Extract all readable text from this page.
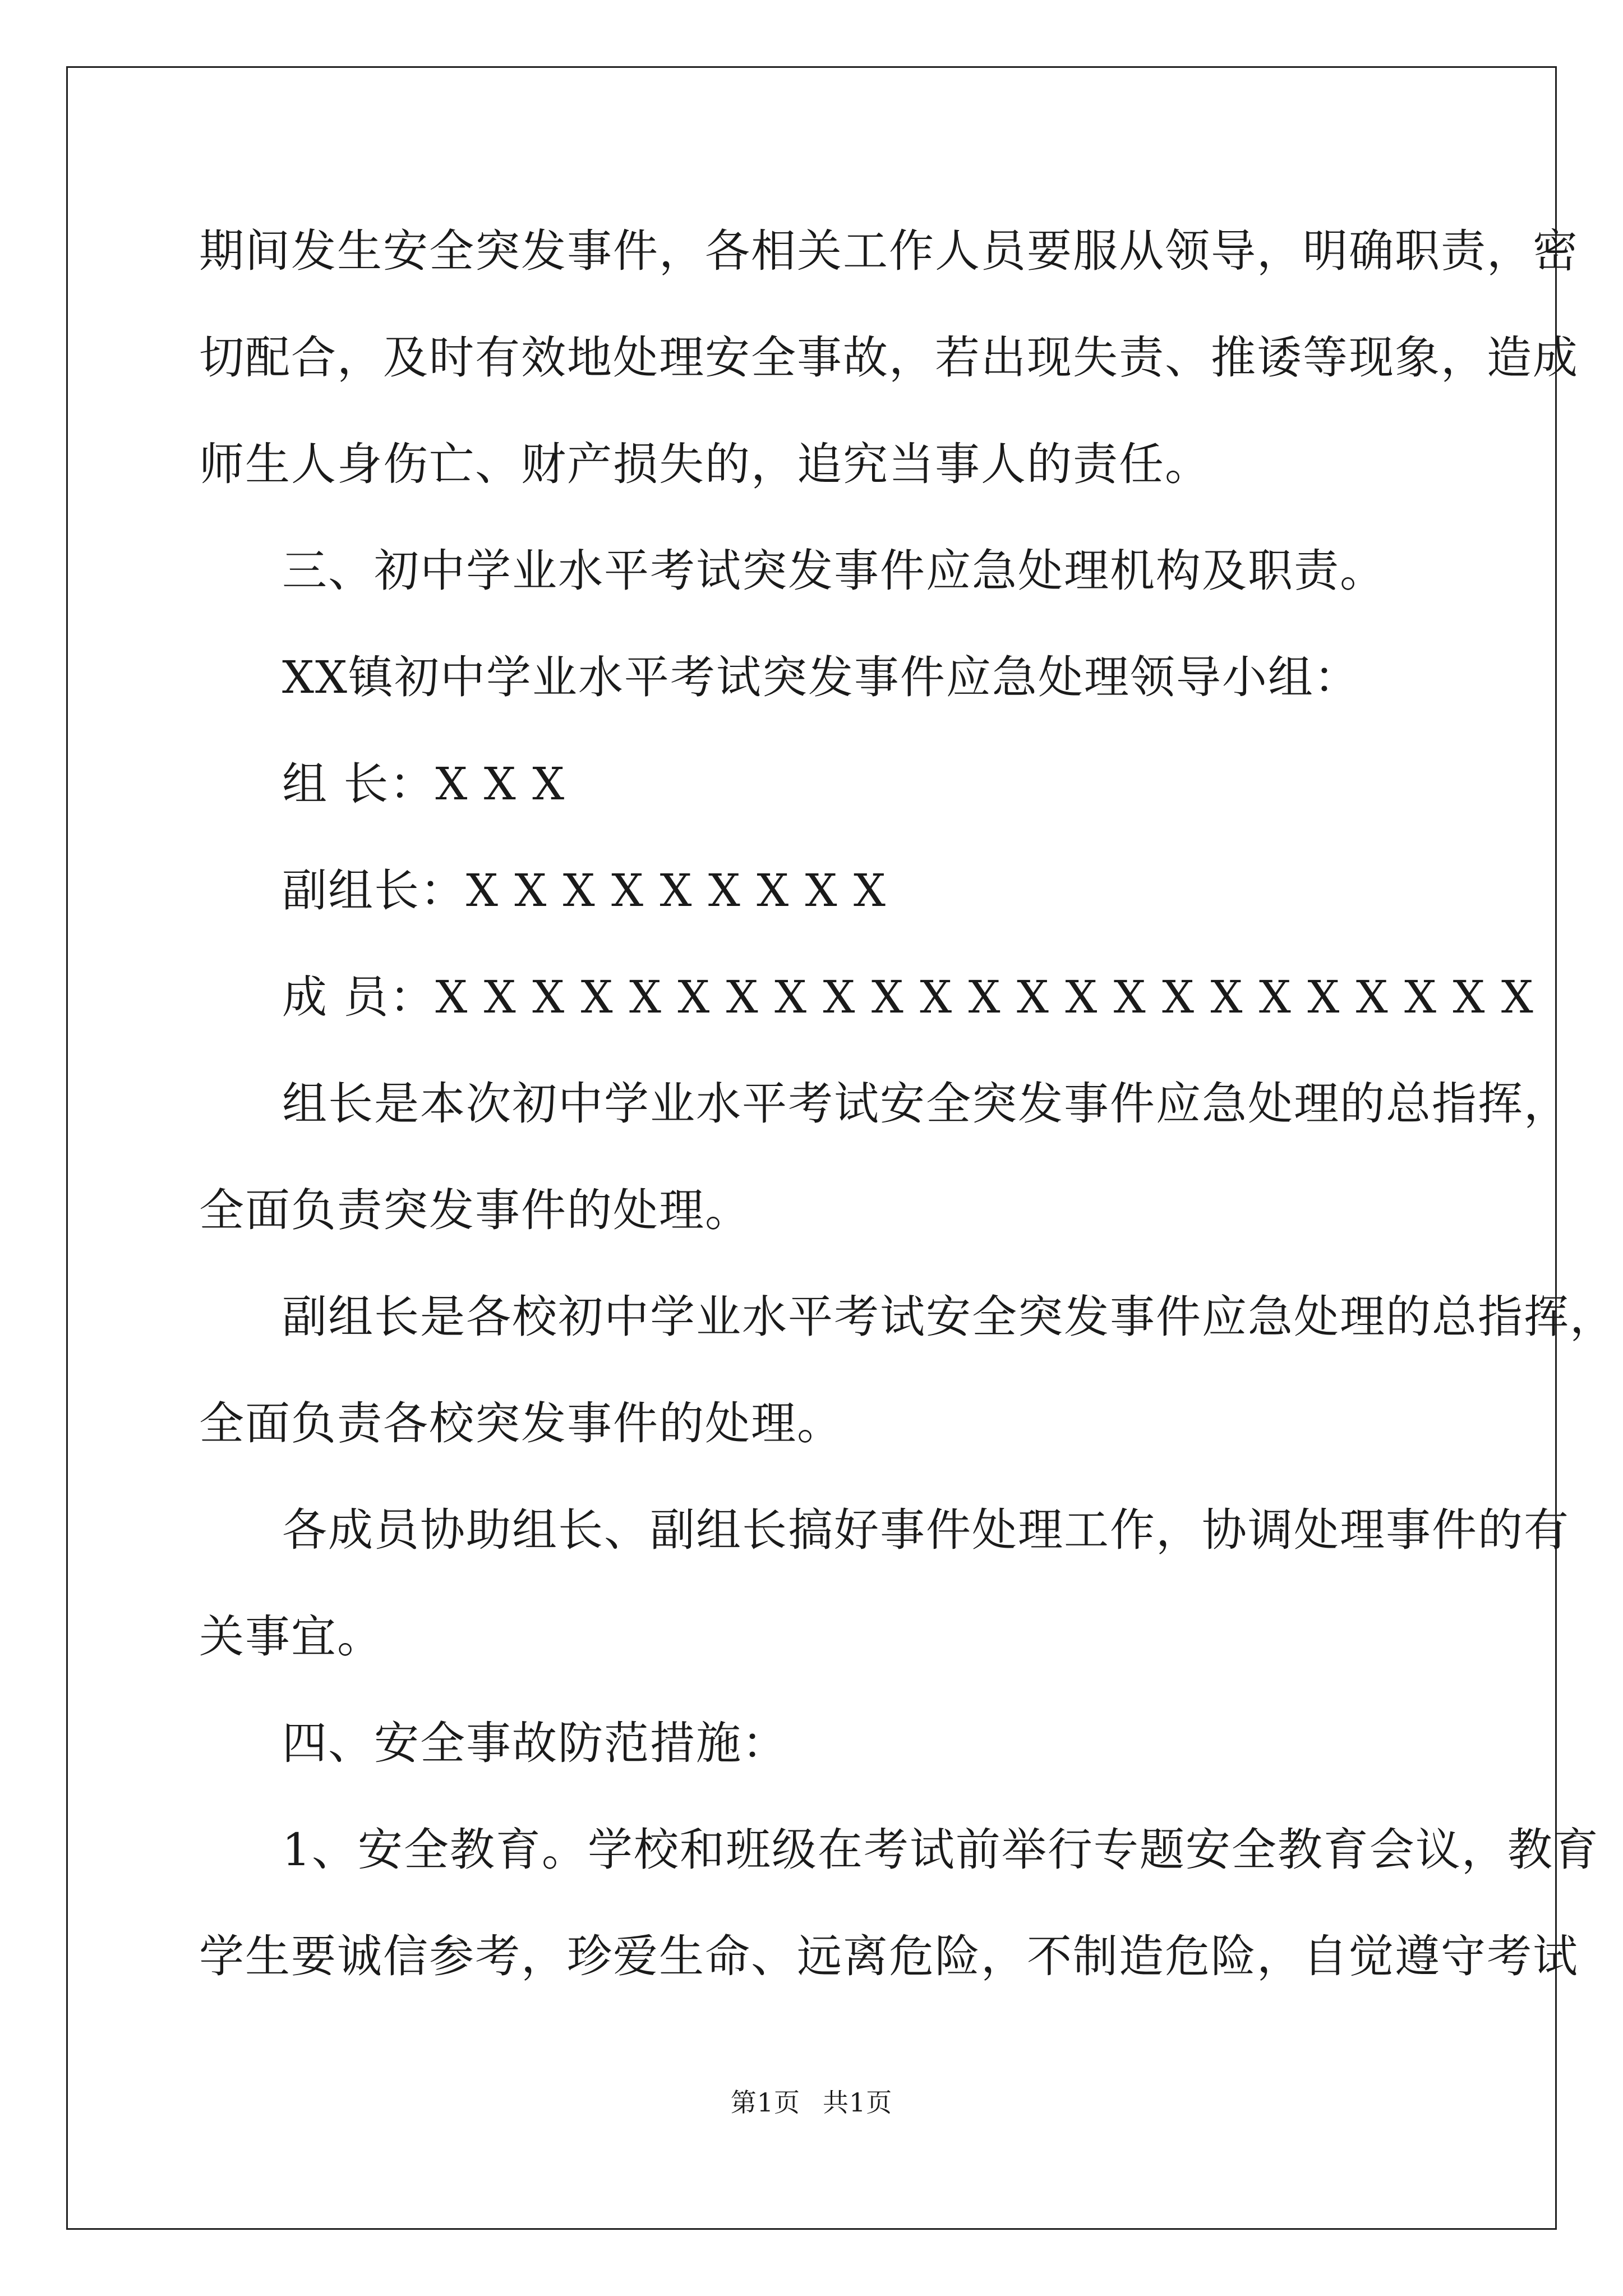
期间发生安全突发事件，各相关工作人员要服从领导，明确职责，密
切配合，及时有效地处理安全事故，若出现失责、推诿等现象，造成
师生人身伤亡、财产损失的，追究当事人的责任。
三、初中学业水平考试突发事件应急处理机构及职责。
XX镇初中学业水平考试突发事件应急处理领导小组：
组 长：X X X
副组长：X X X X X X X X X
成 员：X X X X X X X X X X X X X X X X X X X X X X X
组长是本次初中学业水平考试安全突发事件应急处理的总指挥，
全面负责突发事件的处理。
副组长是各校初中学业水平考试安全突发事件应急处理的总指挥，
全面负责各校突发事件的处理。
各成员协助组长、副组长搞好事件处理工作，协调处理事件的有
关事宜。
四、安全事故防范措施：
1、安全教育。学校和班级在考试前举行专题安全教育会议，教育
学生要诚信参考，珍爱生命、远离危险，不制造危险，自觉遵守考试
第1页 共1页
